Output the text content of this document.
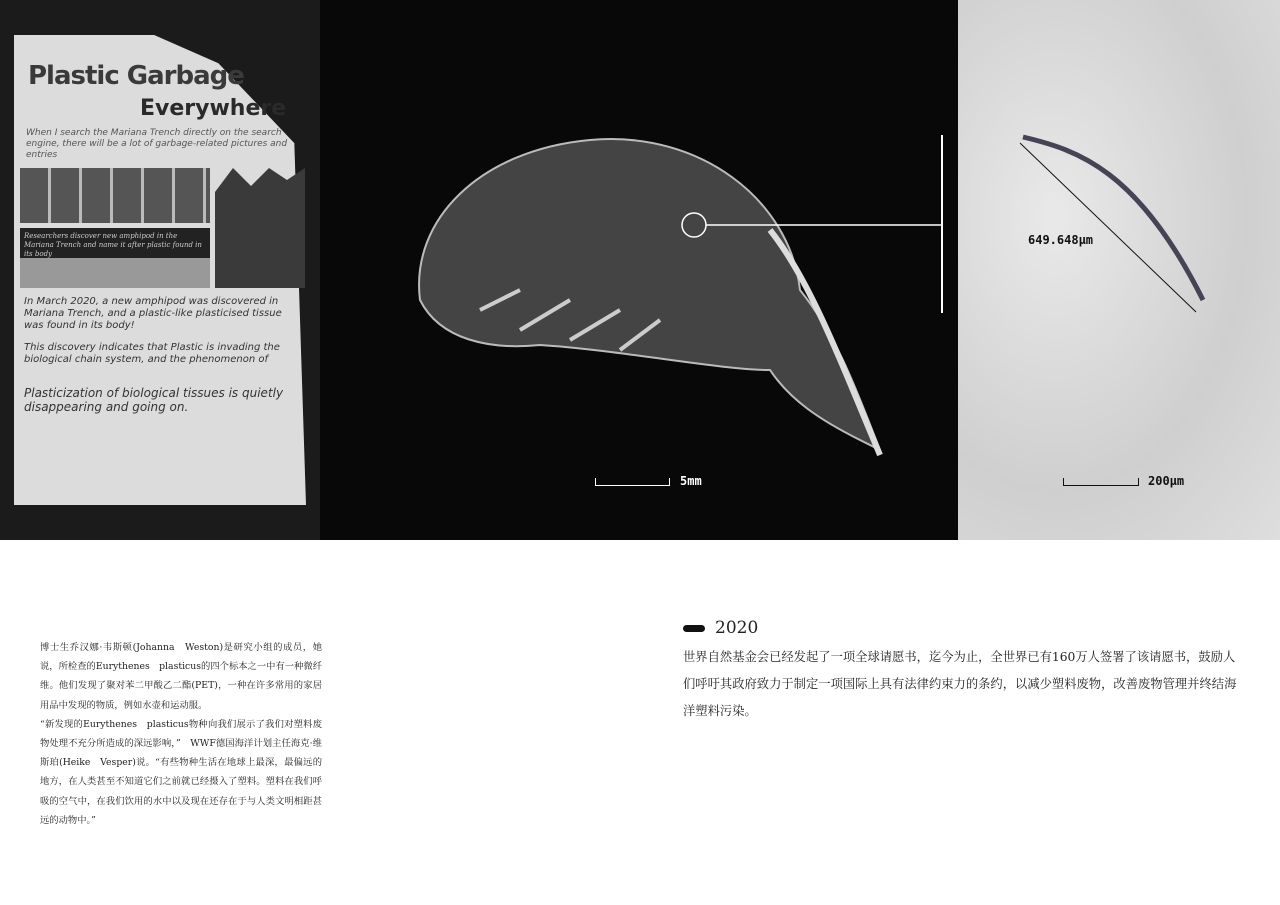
Plastic Garbage
Everywhere
When I search the Mariana Trench directly on the search engine, there will be a lot of garbage-related pictures and entries
Researchers discover new amphipod in the Mariana Trench and name it after plastic found in its body
In March 2020, a new amphipod was discovered in Mariana Trench, and a plastic-like plasticised tissue was found in its body!
This discovery indicates that Plastic is invading the biological chain system, and the phenomenon of
Plasticization of biological tissues is quietly disappearing and going on.
5mm
649.648μm
200μm
博士生乔汉娜·韦斯顿(Johanna　Weston)是研究小组的成员，她说，所检查的Eurythenes　plasticus的四个标本之一中有一种微纤维。他们发现了聚对苯二甲酸乙二酯(PET)，一种在许多常用的家居用品中发现的物质，例如水壶和运动服。
“新发现的Eurythenes　plasticus物种向我们展示了我们对塑料废物处理不充分所造成的深远影响，”　WWF德国海洋计划主任海克·维斯珀(Heike　Vesper)说。“有些物种生活在地球上最深，最偏远的地方，在人类甚至不知道它们之前就已经摄入了塑料。塑料在我们呼吸的空气中，在我们饮用的水中以及现在还存在于与人类文明相距甚远的动物中。”
2020
世界自然基金会已经发起了一项全球请愿书，迄今为止，全世界已有160万人签署了该请愿书，鼓励人们呼吁其政府致力于制定一项国际上具有法律约束力的条约，以减少塑料废物，改善废物管理并终结海洋塑料污染。
